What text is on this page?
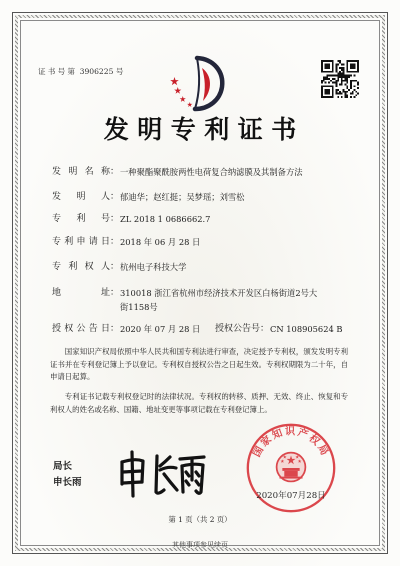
证书号第 3906225 号
发明专利证书
发明名称：一种聚酯聚酰胺两性电荷复合纳滤膜及其制备方法
发明人：郁迪华；赵红挺；吴梦瑶；刘雪松
专利号：ZL 2018 1 0686662.7
专利申请日：2018 年 06 月 28 日
专利权人：杭州电子科技大学
地址：310018 浙江省杭州市经济技术开发区白杨街道2号大街1158号
授权公告日：2020 年 07 月 28 日 授权公告号：CN 108905624 B

国家知识产权局依照中华人民共和国专利法进行审查，决定授予专利权，颁发发明专利证书并在专利登记簿上予以登记。专利权自授权公告之日起生效。专利权期限为二十年，自申请日起算。

专利证书记载专利权登记时的法律状况。专利权的转移、质押、无效、终止、恢复和专利权人的姓名或名称、国籍、地址变更等事项记载在专利登记簿上。

局长
申长雨
国家知识产权局
2020年07月28日
第 1 页（共 2 页）
其他事项参见续页
